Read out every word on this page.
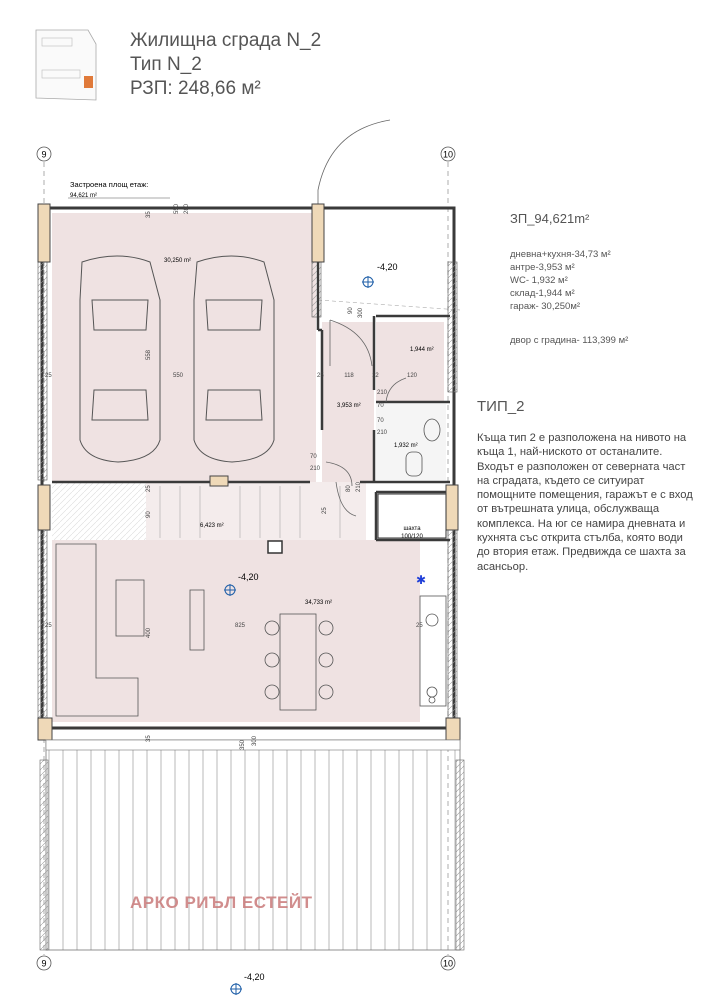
Жилищна сграда N_2
Тип N_2
РЗП: 248,66 м²
ЗП_94,621m²
дневна+кухня-34,73 м²
антре-3,953 м²
WC- 1,932 м²
склад-1,944 м²
гараж- 30,250м²
двор с градина- 113,399 м²
ТИП_2
Къща тип 2 е разположена на нивото на къща 1, най-ниското от останалите. Входът е разположен от северната част на сградата, където се ситуират помощните помещения, гаражът е с вход от вътрешната улица, обслужваща комплекса. На юг се намира дневната и кухнята със открита стълба, която води до втория етаж. Предвижда се шахта за асансьор.
9	10
9	10
шахта
100/120
-4,20
-4,20
-4,20
✱
Застроена площ етаж:
94,621 m²
30,250 m²
3,953 m²
1,944 m²
1,932 m²
6,423 m²
34,733 m²
550
25	25	118	12	120
825
25	25
70
210
70
210
70
210
550 280
35
558
25
90
400
35
350 300
90 300
80 210
25
АРКО РИЪЛ ЕСТЕЙТ
